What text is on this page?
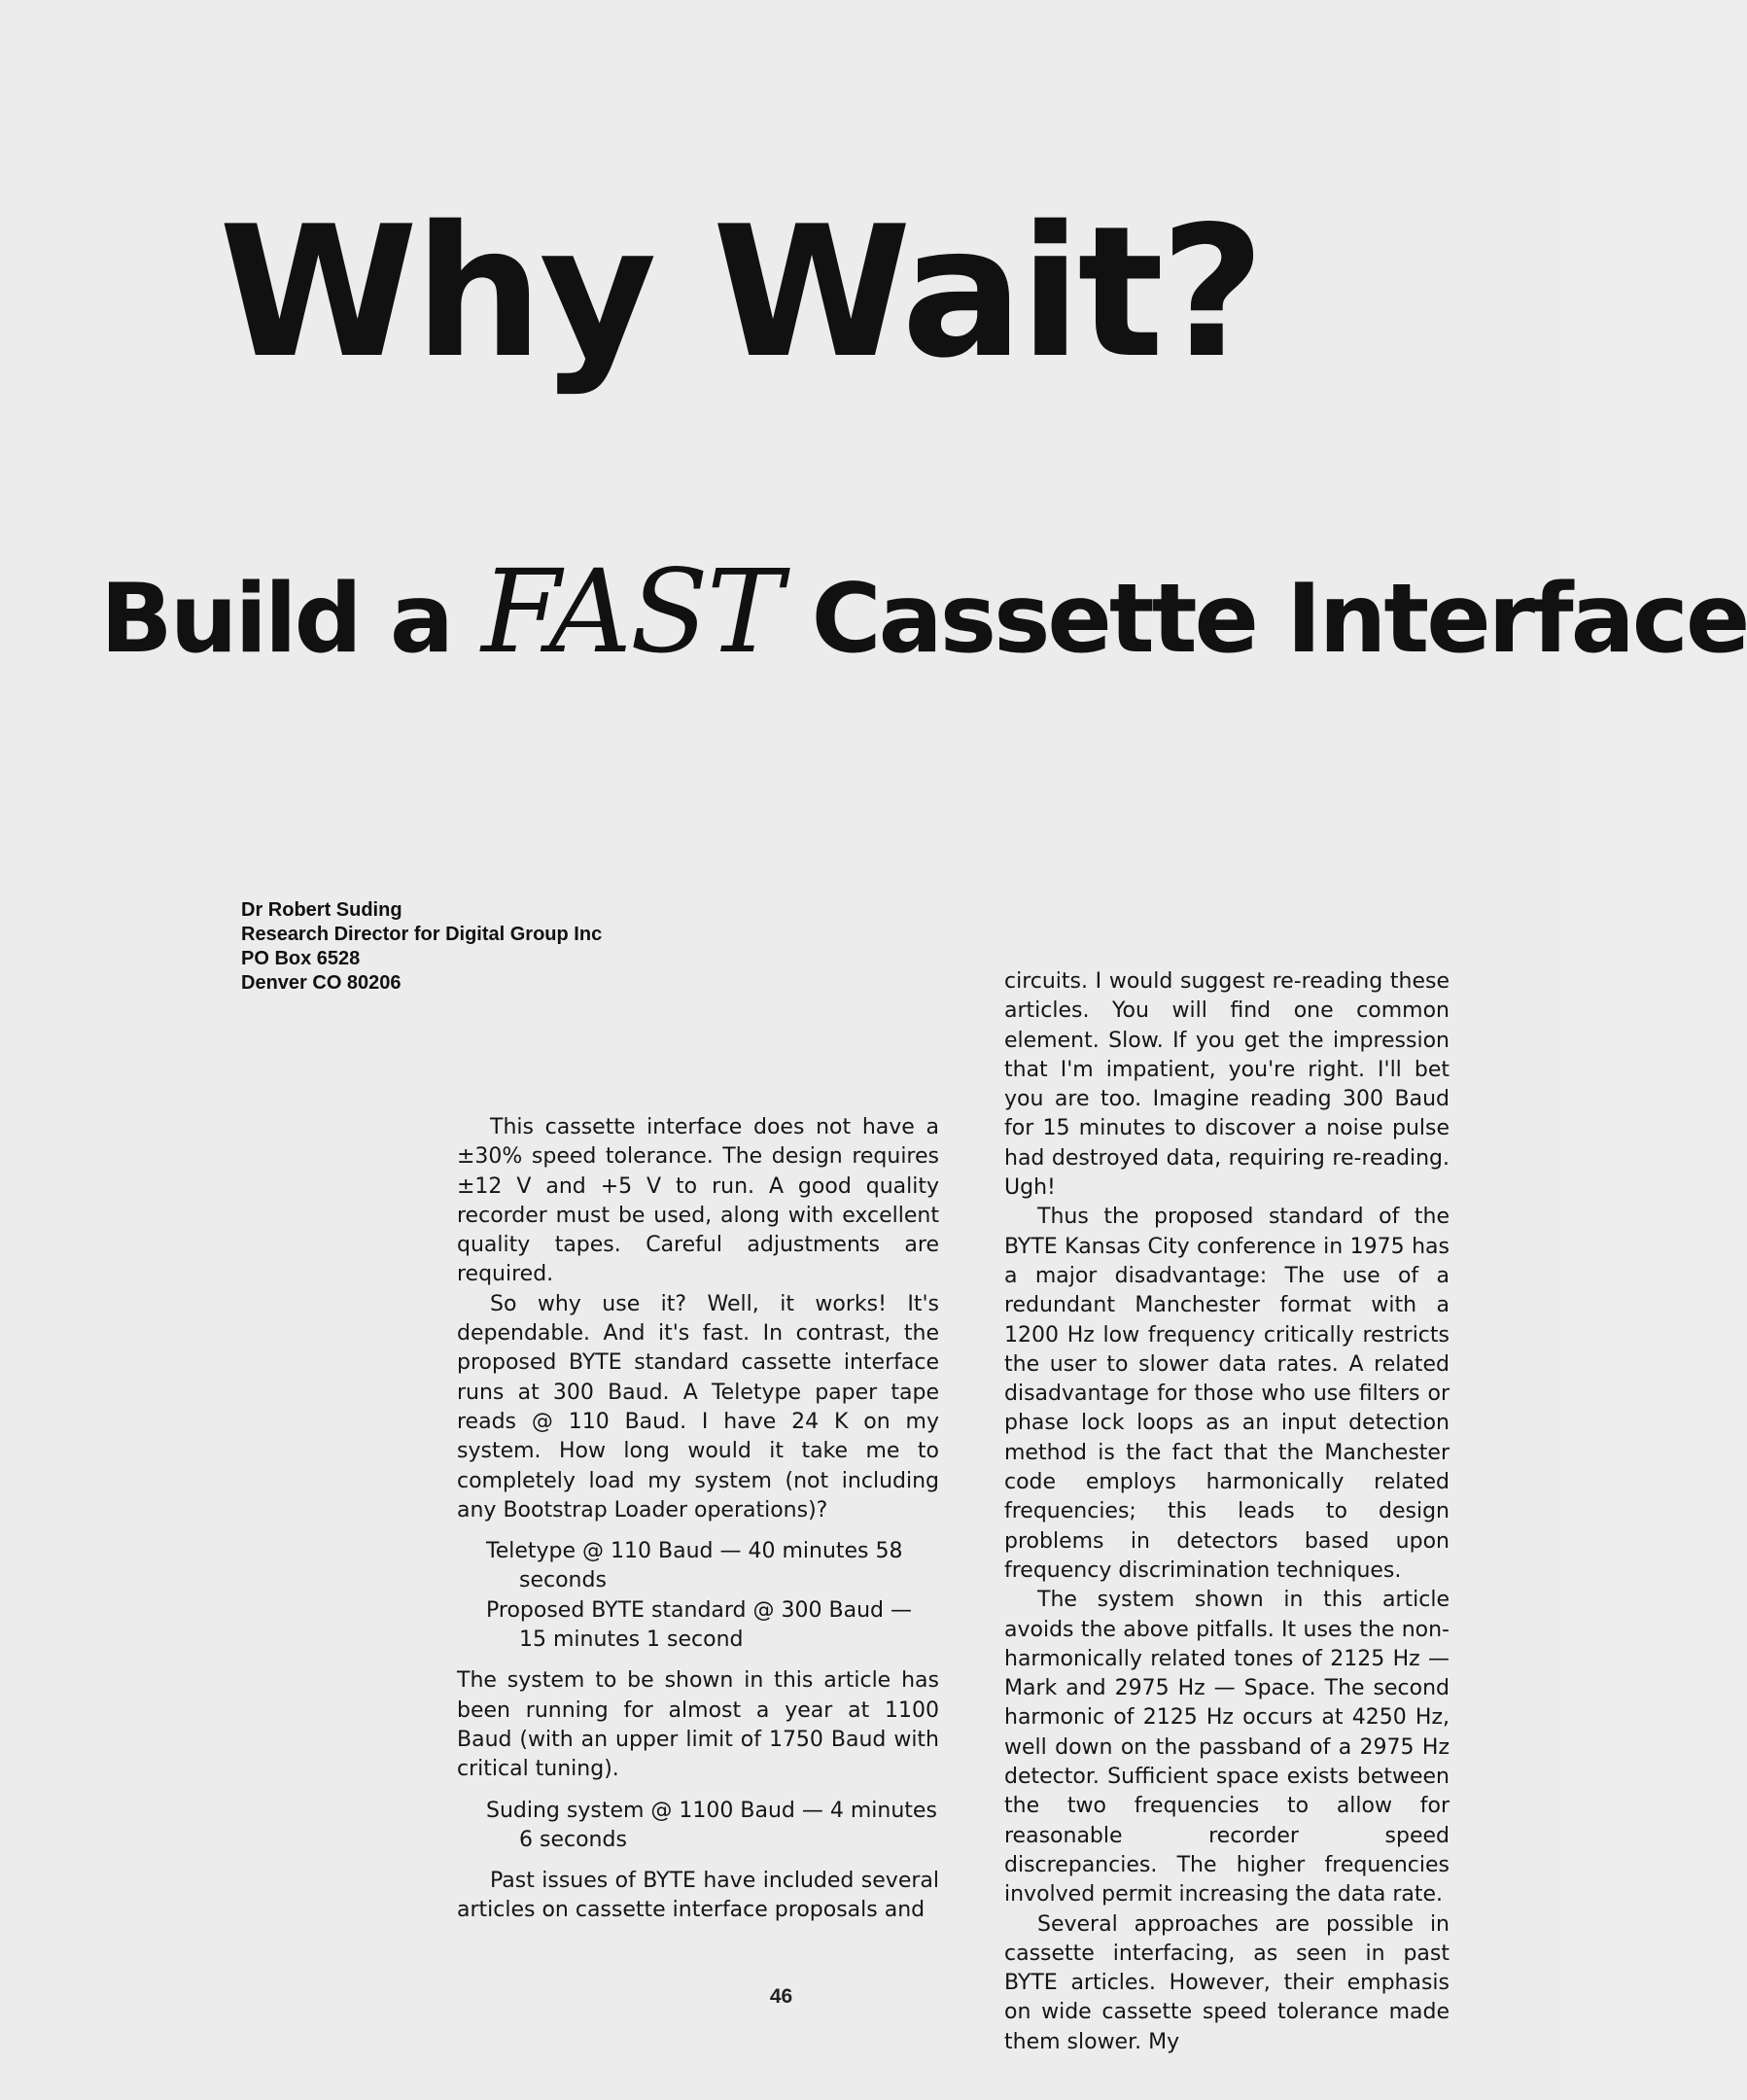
Why Wait?
Build a FAST Cassette Interface
Dr Robert Suding
Research Director for Digital Group Inc
PO Box 6528
Denver CO 80206

This cassette interface does not have a ±30% speed tolerance. The design requires ±12 V and +5 V to run. A good quality recorder must be used, along with excellent quality tapes. Careful adjustments are required.

So why use it? Well, it works! It's dependable. And it's fast. In contrast, the proposed BYTE standard cassette interface runs at 300 Baud. A Teletype paper tape reads @ 110 Baud. I have 24 K on my system. How long would it take me to completely load my system (not including any Bootstrap Loader operations)?

Teletype @ 110 Baud — 40 minutes 58 seconds
Proposed BYTE standard @ 300 Baud — 15 minutes 1 second

The system to be shown in this article has been running for almost a year at 1100 Baud (with an upper limit of 1750 Baud with critical tuning).

Suding system @ 1100 Baud — 4 minutes 6 seconds

Past issues of BYTE have included several articles on cassette interface proposals and

circuits. I would suggest re-reading these articles. You will find one common element. Slow. If you get the impression that I'm impatient, you're right. I'll bet you are too. Imagine reading 300 Baud for 15 minutes to discover a noise pulse had destroyed data, requiring re-reading. Ugh!

Thus the proposed standard of the BYTE Kansas City conference in 1975 has a major disadvantage: The use of a redundant Manchester format with a 1200 Hz low frequency critically restricts the user to slower data rates. A related disadvantage for those who use filters or phase lock loops as an input detection method is the fact that the Manchester code employs harmonically related frequencies; this leads to design problems in detectors based upon frequency discrimination techniques.

The system shown in this article avoids the above pitfalls. It uses the non-harmonically related tones of 2125 Hz — Mark and 2975 Hz — Space. The second harmonic of 2125 Hz occurs at 4250 Hz, well down on the passband of a 2975 Hz detector. Sufficient space exists between the two frequencies to allow for reasonable recorder speed discrepancies. The higher frequencies involved permit increasing the data rate.

Several approaches are possible in cassette interfacing, as seen in past BYTE articles. However, their emphasis on wide cassette speed tolerance made them slower. My

46
